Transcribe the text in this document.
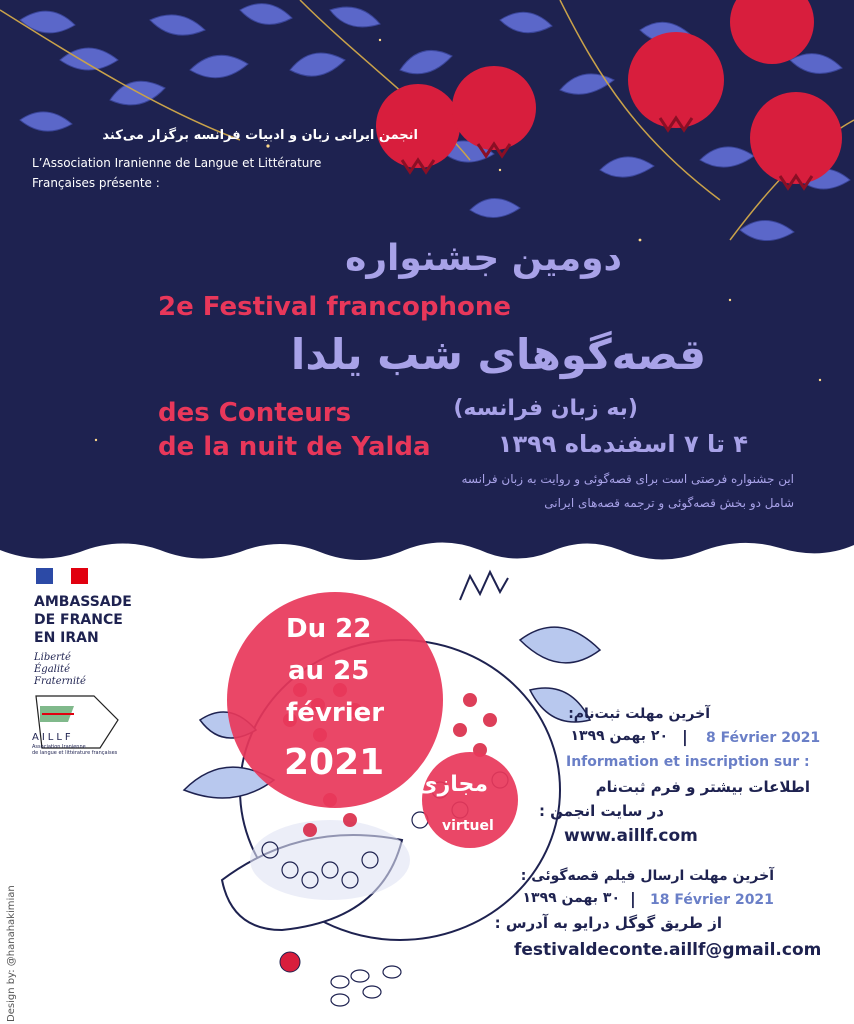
انجمن ایرانی زبان و ادبیات فرانسه برگزار می‌کند

L’Association Iranienne de Langue et Littérature

Françaises présente :

دومین جشنواره

2e Festival francophone

قصه‌گوهای شب یلدا

des Conteurs	(به زبان فرانسه)

de la nuit de Yalda	۴ تا ۷ اسفندماه ۱۳۹۹

این جشنواره فرصتی است برای قصه‌گوئی و روایت به زبان فرانسه

شامل دو بخش قصه‌گوئی و ترجمه قصه‌های ایرانی

AMBASSADE

DE FRANCE

EN IRAN

Liberté

Égalité

Fraternité

AILLF

Association Iranienne

de langue et littérature françaises

Du 22

au 25

février

2021

مجازی

virtuel

آخرین مهلت ثبت‌نام:

8 Février 2021

|

۲۰ بهمن ۱۳۹۹

Information et inscription sur :

اطلاعات بیشتر و فرم ثبت‌نام

در سایت انجمن :

www.aillf.com

آخرین مهلت ارسال فیلم قصه‌گوئی :

18 Février 2021

|

۳۰ بهمن ۱۳۹۹

از طریق گوگل درایو به آدرس :

festivaldeconte.aillf@gmail.com

Design by: @hanahakimian
